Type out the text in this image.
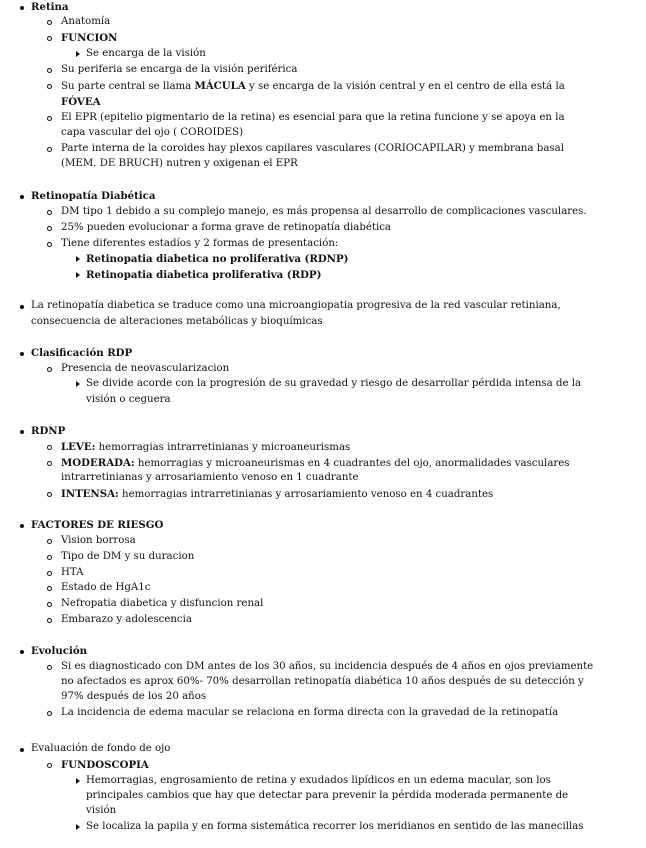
Retina
Anatomía
FUNCION
Se encarga de la visión
Su periferia se encarga de la visión periférica
Su parte central se llama MÁCULA y se encarga de la visión central y en el centro de ella está la
FÓVEA
El EPR (epitelio pigmentario de la retina) es esencial para que la retina funcione y se apoya en la
capa vascular del ojo ( COROIDES)
Parte interna de la coroides hay plexos capilares vasculares (CORIOCAPILAR) y membrana basal
(MEM. DE BRUCH) nutren y oxigenan el EPR
Retinopatía Diabética
DM tipo 1 debido a su complejo manejo, es más propensa al desarrollo de complicaciones vasculares.
25% pueden evolucionar a forma grave de retinopatía diabética
Tiene diferentes estadíos y 2 formas de presentación:
Retinopatia diabetica no proliferativa (RDNP)
Retinopatia diabetica proliferativa (RDP)
La retinopatía diabetica se traduce como una microangiopatia progresiva de la red vascular retiniana,
consecuencia de alteraciones metabólicas y bioquímicas
Clasificación RDP
Presencia de neovascularizacion
Se divide acorde con la progresión de su gravedad y riesgo de desarrollar pérdida intensa de la
visión o ceguera
RDNP
LEVE: hemorragias intrarretinianas y microaneurismas
MODERADA: hemorragias y microaneurismas en 4 cuadrantes del ojo, anormalidades vasculares
intrarretinianas y arrosariamiento venoso en 1 cuadrante
INTENSA: hemorragias intrarretinianas y arrosariamiento venoso en 4 cuadrantes
FACTORES DE RIESGO
Vision borrosa
Tipo de DM y su duracion
HTA
Estado de HgA1c
Nefropatia diabetica y disfuncion renal
Embarazo y adolescencia
Evolución
Si es diagnosticado con DM antes de los 30 años, su incidencia después de 4 años en ojos previamente
no afectados es aprox 60%- 70% desarrollan retinopatía diabética 10 años después de su detección y
97% después de los 20 años
La incidencia de edema macular se relaciona en forma directa con la gravedad de la retinopatía
Evaluación de fondo de ojo
FUNDOSCOPIA
Hemorragias, engrosamiento de retina y exudados lipídicos en un edema macular, son los
principales cambios que hay que detectar para prevenir la pérdida moderada permanente de
visión
Se localiza la papila y en forma sistemática recorrer los meridianos en sentido de las manecillas
